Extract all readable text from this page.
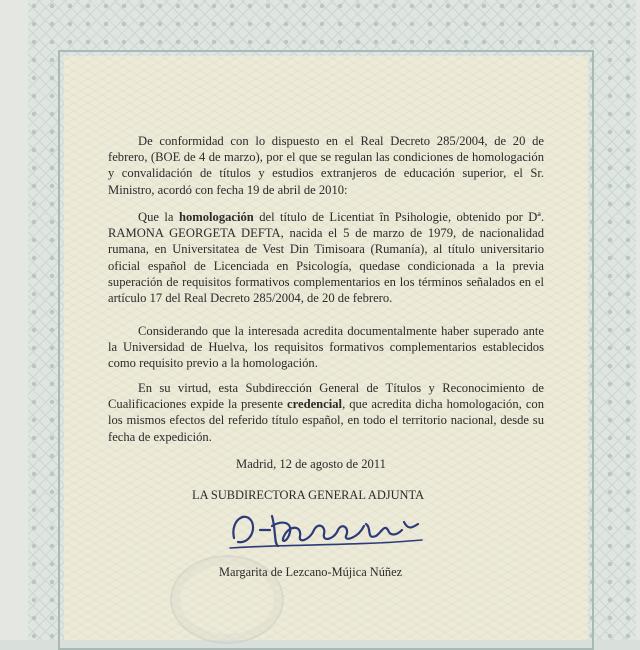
De conformidad con lo dispuesto en el Real Decreto 285/2004, de 20 de febrero, (BOE de 4 de marzo), por el que se regulan las condiciones de homologación y convalidación de títulos y estudios extranjeros de educación superior, el Sr. Ministro, acordó con fecha 19 de abril de 2010:

Que la homologación del título de Licentiat în Psihologie, obtenido por Dª. RAMONA GEORGETA DEFTA, nacida el 5 de marzo de 1979, de nacionalidad rumana, en Universitatea de Vest Din Timisoara (Rumanía), al título universitario oficial español de Licenciada en Psicología, quedase condicionada a la previa superación de requisitos formativos complementarios en los términos señalados en el artículo 17 del Real Decreto 285/2004, de 20 de febrero.

Considerando que la interesada acredita documentalmente haber superado ante la Universidad de Huelva, los requisitos formativos complementarios establecidos como requisito previo a la homologación.

En su virtud, esta Subdirección General de Títulos y Reconocimiento de Cualificaciones expide la presente credencial, que acredita dicha homologación, con los mismos efectos del referido título español, en todo el territorio nacional, desde su fecha de expedición.

Madrid, 12 de agosto de 2011
LA SUBDIRECTORA GENERAL ADJUNTA
Margarita de Lezcano-Mújica Núñez
